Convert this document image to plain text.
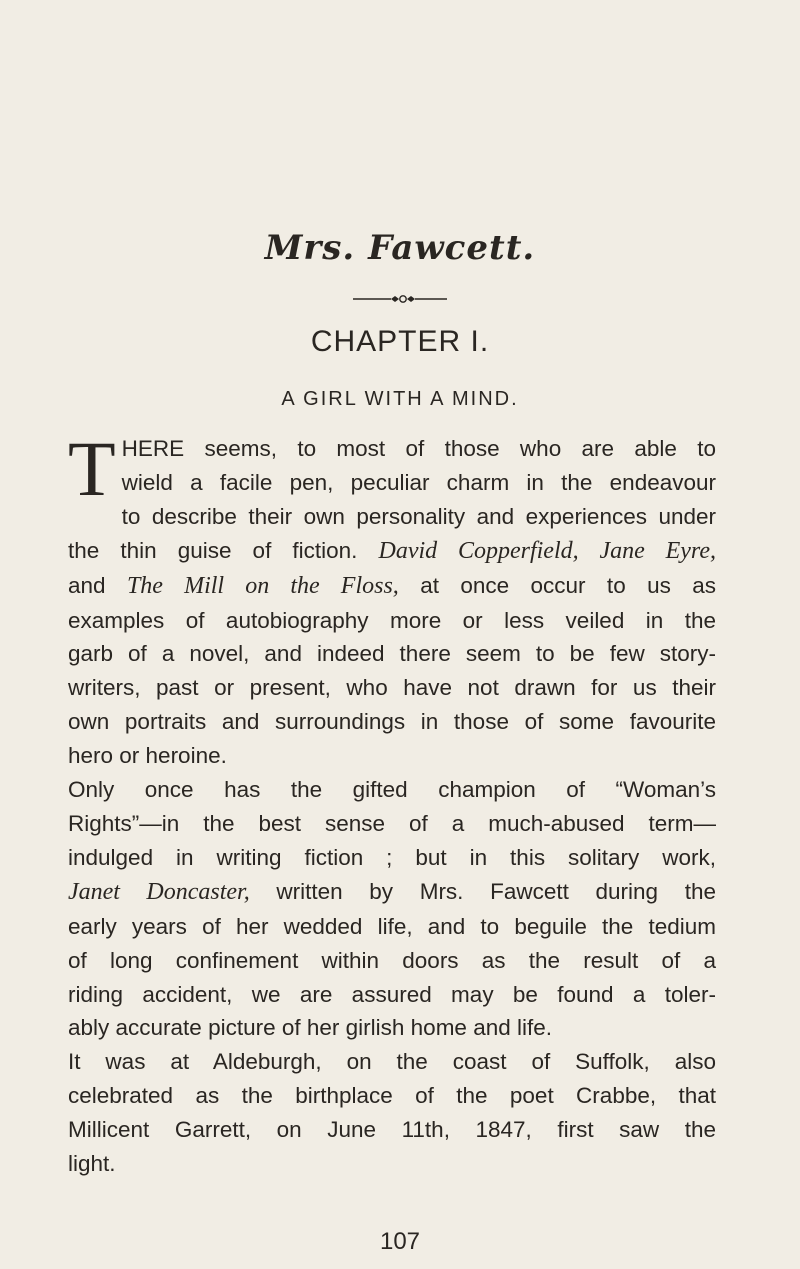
Mrs. Fawcett.
CHAPTER I.
A GIRL WITH A MIND.
T HERE seems, to most of those who are able to
wield a facile pen, peculiar charm in the endeavour
to describe their own personality and experiences under
the thin guise of fiction. David Copperfield, Jane Eyre,
and The Mill on the Floss, at once occur to us as
examples of autobiography more or less veiled in the
garb of a novel, and indeed there seem to be few story-
writers, past or present, who have not drawn for us their
own portraits and surroundings in those of some favourite
hero or heroine.
Only once has the gifted champion of “Woman’s
Rights”—in the best sense of a much-abused term—
indulged in writing fiction ; but in this solitary work,
Janet Doncaster, written by Mrs. Fawcett during the
early years of her wedded life, and to beguile the tedium
of long confinement within doors as the result of a
riding accident, we are assured may be found a toler-
ably accurate picture of her girlish home and life.
It was at Aldeburgh, on the coast of Suffolk, also
celebrated as the birthplace of the poet Crabbe, that
Millicent Garrett, on June 11th, 1847, first saw the
light.
107
